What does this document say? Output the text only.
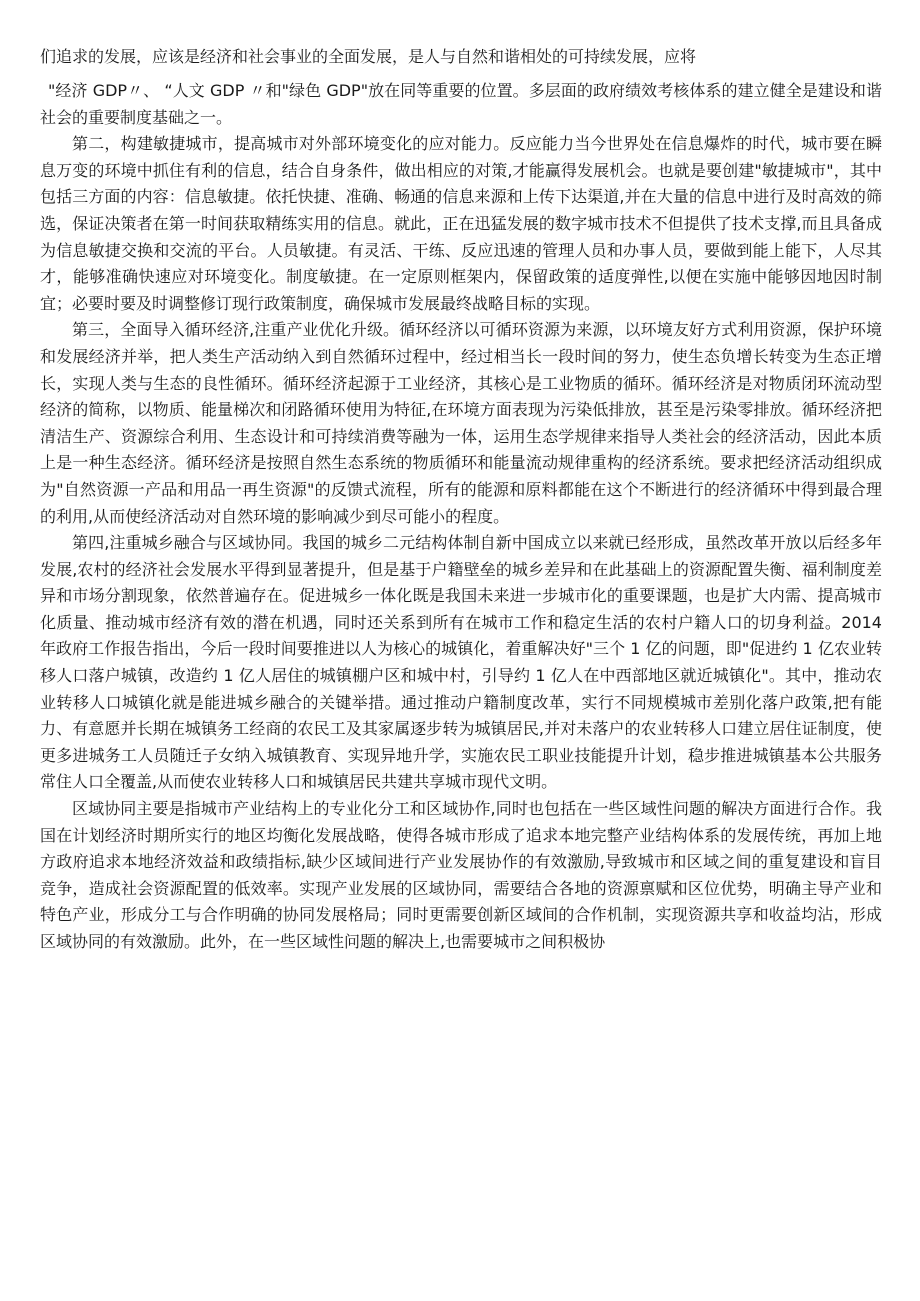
们追求的发展，应该是经济和社会事业的全面发展，是人与自然和谐相处的可持续发展，应将

"经济 GDP〃、 “人文 GDP 〃和"绿色 GDP"放在同等重要的位置。多层面的政府绩效考核体系的建立健全是建设和谐社会的重要制度基础之一。

第二，构建敏捷城市，提高城市对外部环境变化的应对能力。反应能力当今世界处在信息爆炸的时代，城市要在瞬息万变的环境中抓住有利的信息，结合自身条件，做出相应的对策,才能赢得发展机会。也就是要创建"敏捷城市"，其中包括三方面的内容：信息敏捷。依托快捷、准确、畅通的信息来源和上传下达渠道,并在大量的信息中进行及时高效的筛选，保证决策者在第一时间获取精练实用的信息。就此，正在迅猛发展的数字城市技术不但提供了技术支撑,而且具备成为信息敏捷交换和交流的平台。人员敏捷。有灵活、干练、反应迅速的管理人员和办事人员，要做到能上能下，人尽其才，能够准确快速应对环境变化。制度敏捷。在一定原则框架内，保留政策的适度弹性,以便在实施中能够因地因时制宜；必要时要及时调整修订现行政策制度，确保城市发展最终战略目标的实现。

第三，全面导入循环经济,注重产业优化升级。循环经济以可循环资源为来源，以环境友好方式利用资源，保护环境和发展经济并举，把人类生产活动纳入到自然循环过程中，经过相当长一段时间的努力，使生态负增长转变为生态正增长，实现人类与生态的良性循环。循环经济起源于工业经济，其核心是工业物质的循环。循环经济是对物质闭环流动型经济的简称，以物质、能量梯次和闭路循环使用为特征,在环境方面表现为污染低排放，甚至是污染零排放。循环经济把清洁生产、资源综合利用、生态设计和可持续消费等融为一体，运用生态学规律来指导人类社会的经济活动，因此本质上是一种生态经济。循环经济是按照自然生态系统的物质循环和能量流动规律重构的经济系统。要求把经济活动组织成为"自然资源一产品和用品一再生资源"的反馈式流程，所有的能源和原料都能在这个不断进行的经济循环中得到最合理的利用,从而使经济活动对自然环境的影响减少到尽可能小的程度。

第四,注重城乡融合与区域协同。我国的城乡二元结构体制自新中国成立以来就已经形成，虽然改革开放以后经多年发展,农村的经济社会发展水平得到显著提升，但是基于户籍壁垒的城乡差异和在此基础上的资源配置失衡、福利制度差异和市场分割现象，依然普遍存在。促进城乡一体化既是我国未来进一步城市化的重要课题，也是扩大内需、提高城市化质量、推动城市经济有效的潜在机遇，同时还关系到所有在城市工作和稳定生活的农村户籍人口的切身利益。2014 年政府工作报告指出，今后一段时间要推进以人为核心的城镇化，着重解决好"三个 1 亿的问题，即"促进约 1 亿农业转移人口落户城镇，改造约 1 亿人居住的城镇棚户区和城中村，引导约 1 亿人在中西部地区就近城镇化"。其中，推动农业转移人口城镇化就是能进城乡融合的关键举措。通过推动户籍制度改革，实行不同规模城市差别化落户政策,把有能力、有意愿并长期在城镇务工经商的农民工及其家属逐步转为城镇居民,并对未落户的农业转移人口建立居住证制度，使更多进城务工人员随迁子女纳入城镇教育、实现异地升学，实施农民工职业技能提升计划，稳步推进城镇基本公共服务常住人口全覆盖,从而使农业转移人口和城镇居民共建共享城市现代文明。

区域协同主要是指城市产业结构上的专业化分工和区域协作,同时也包括在一些区域性问题的解决方面进行合作。我国在计划经济时期所实行的地区均衡化发展战略，使得各城市形成了追求本地完整产业结构体系的发展传统，再加上地方政府追求本地经济效益和政绩指标,缺少区域间进行产业发展协作的有效激励,导致城市和区域之间的重复建设和盲目竞争，造成社会资源配置的低效率。实现产业发展的区域协同，需要结合各地的资源禀赋和区位优势，明确主导产业和特色产业，形成分工与合作明确的协同发展格局；同时更需要创新区域间的合作机制，实现资源共享和收益均沾，形成区域协同的有效激励。此外，在一些区域性问题的解决上,也需要城市之间积极协
